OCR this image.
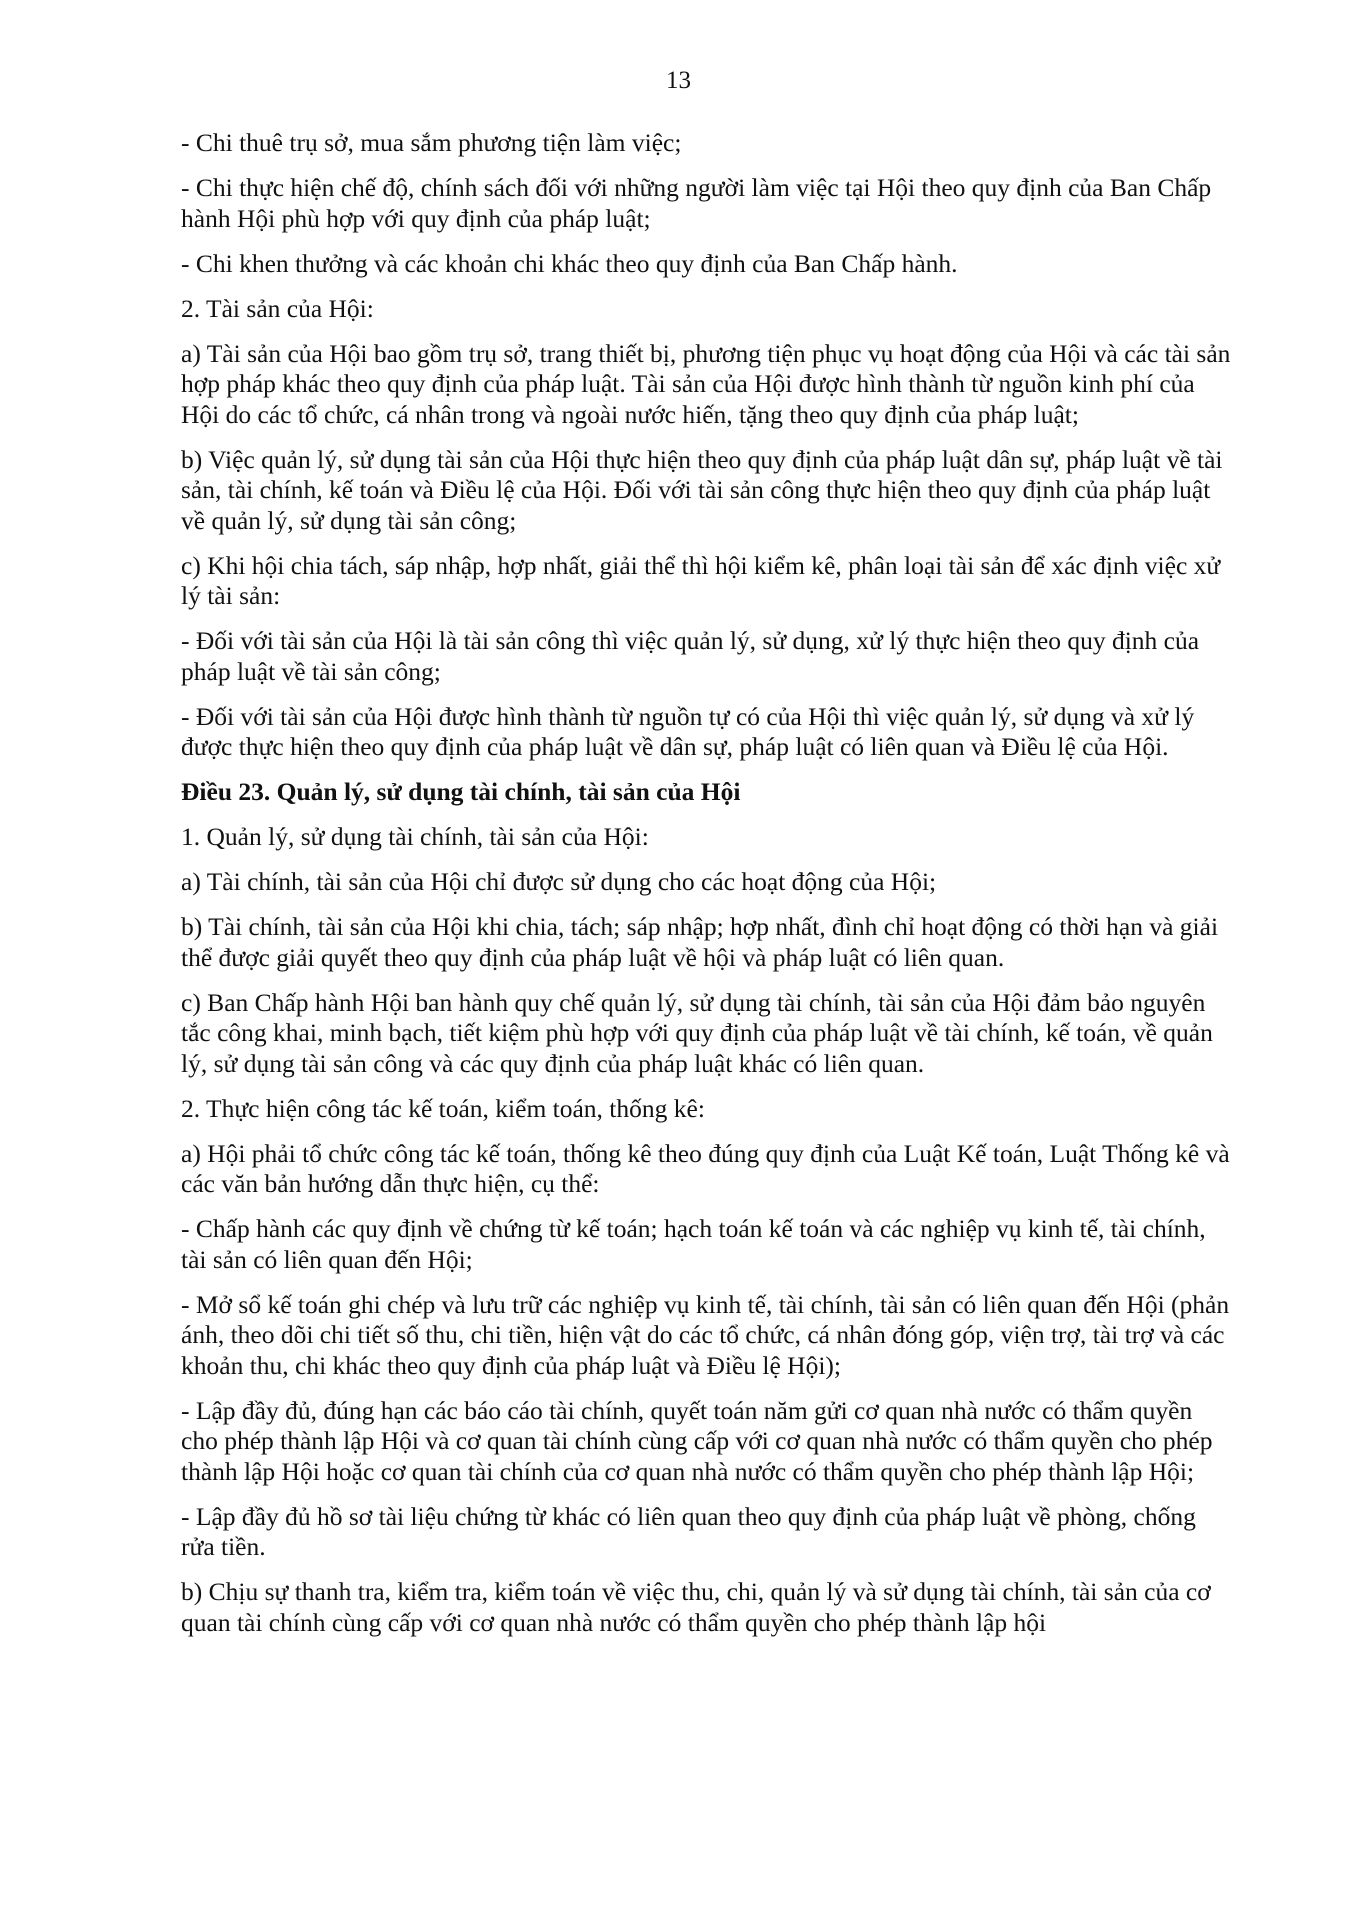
13

- Chi thuê trụ sở, mua sắm phương tiện làm việc;

- Chi thực hiện chế độ, chính sách đối với những người làm việc tại Hội theo quy định của Ban Chấp hành Hội phù hợp với quy định của pháp luật;

- Chi khen thưởng và các khoản chi khác theo quy định của Ban Chấp hành.

2. Tài sản của Hội:

a) Tài sản của Hội bao gồm trụ sở, trang thiết bị, phương tiện phục vụ hoạt động của Hội và các tài sản hợp pháp khác theo quy định của pháp luật. Tài sản của Hội được hình thành từ nguồn kinh phí của Hội do các tổ chức, cá nhân trong và ngoài nước hiến, tặng theo quy định của pháp luật;

b) Việc quản lý, sử dụng tài sản của Hội thực hiện theo quy định của pháp luật dân sự, pháp luật về tài sản, tài chính, kế toán và Điều lệ của Hội. Đối với tài sản công thực hiện theo quy định của pháp luật về quản lý, sử dụng tài sản công;

c) Khi hội chia tách, sáp nhập, hợp nhất, giải thể thì hội kiểm kê, phân loại tài sản để xác định việc xử lý tài sản:

- Đối với tài sản của Hội là tài sản công thì việc quản lý, sử dụng, xử lý thực hiện theo quy định của pháp luật về tài sản công;

- Đối với tài sản của Hội được hình thành từ nguồn tự có của Hội thì việc quản lý, sử dụng và xử lý được thực hiện theo quy định của pháp luật về dân sự, pháp luật có liên quan và Điều lệ của Hội.

Điều 23. Quản lý, sử dụng tài chính, tài sản của Hội

1. Quản lý, sử dụng tài chính, tài sản của Hội:

a) Tài chính, tài sản của Hội chỉ được sử dụng cho các hoạt động của Hội;

b) Tài chính, tài sản của Hội khi chia, tách; sáp nhập; hợp nhất, đình chỉ hoạt động có thời hạn và giải thể được giải quyết theo quy định của pháp luật về hội và pháp luật có liên quan.

c) Ban Chấp hành Hội ban hành quy chế quản lý, sử dụng tài chính, tài sản của Hội đảm bảo nguyên tắc công khai, minh bạch, tiết kiệm phù hợp với quy định của pháp luật về tài chính, kế toán, về quản lý, sử dụng tài sản công và các quy định của pháp luật khác có liên quan.

2. Thực hiện công tác kế toán, kiểm toán, thống kê:

a) Hội phải tổ chức công tác kế toán, thống kê theo đúng quy định của Luật Kế toán, Luật Thống kê và các văn bản hướng dẫn thực hiện, cụ thể:

- Chấp hành các quy định về chứng từ kế toán; hạch toán kế toán và các nghiệp vụ kinh tế, tài chính, tài sản có liên quan đến Hội;

- Mở sổ kế toán ghi chép và lưu trữ các nghiệp vụ kinh tế, tài chính, tài sản có liên quan đến Hội (phản ánh, theo dõi chi tiết số thu, chi tiền, hiện vật do các tổ chức, cá nhân đóng góp, viện trợ, tài trợ và các khoản thu, chi khác theo quy định của pháp luật và Điều lệ Hội);

- Lập đầy đủ, đúng hạn các báo cáo tài chính, quyết toán năm gửi cơ quan nhà nước có thẩm quyền cho phép thành lập Hội và cơ quan tài chính cùng cấp với cơ quan nhà nước có thẩm quyền cho phép thành lập Hội hoặc cơ quan tài chính của cơ quan nhà nước có thẩm quyền cho phép thành lập Hội;

- Lập đầy đủ hồ sơ tài liệu chứng từ khác có liên quan theo quy định của pháp luật về phòng, chống rửa tiền.

b) Chịu sự thanh tra, kiểm tra, kiểm toán về việc thu, chi, quản lý và sử dụng tài chính, tài sản của cơ quan tài chính cùng cấp với cơ quan nhà nước có thẩm quyền cho phép thành lập hội
